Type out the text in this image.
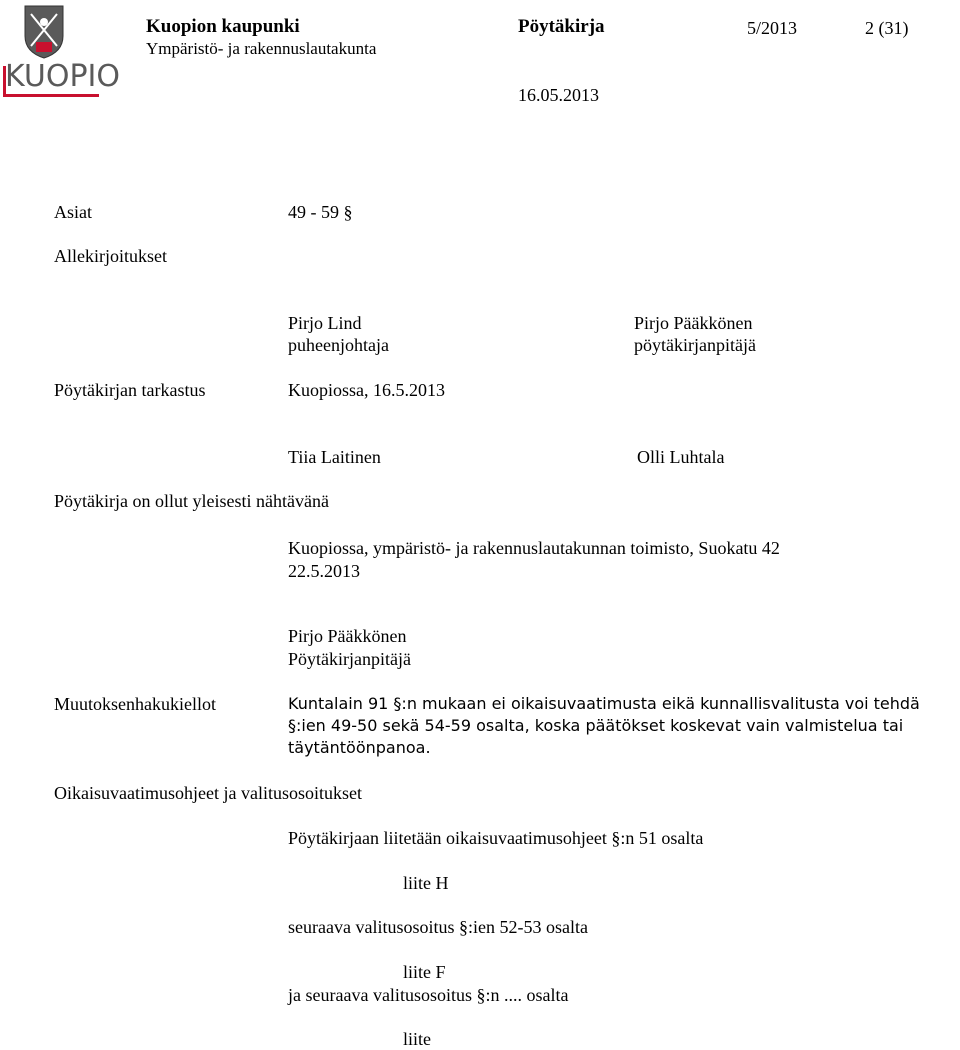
KUOPIO
Kuopion kaupunki
Ympäristö- ja rakennuslautakunta
Pöytäkirja	5/2013	2 (31)
16.05.2013
Asiat	49 - 59 §
Allekirjoitukset
Pirjo Lind
puheenjohtaja
Pirjo Pääkkönen
pöytäkirjanpitäjä
Pöytäkirjan tarkastus	Kuopiossa, 16.5.2013
Tiia Laitinen	Olli Luhtala
Pöytäkirja on ollut yleisesti nähtävänä
Kuopiossa, ympäristö- ja rakennuslautakunnan toimisto, Suokatu 42
22.5.2013
Pirjo Pääkkönen
Pöytäkirjanpitäjä
Muutoksenhakukiellot	Kuntalain 91 §:n mukaan ei oikaisuvaatimusta eikä kunnallisvalitusta voi tehdä §:ien 49-50 sekä 54-59 osalta, koska päätökset koskevat vain valmistelua tai täytäntöönpanoa.
Oikaisuvaatimusohjeet ja valitusosoitukset
Pöytäkirjaan liitetään oikaisuvaatimusohjeet §:n 51 osalta
liite H
seuraava valitusosoitus §:ien 52-53 osalta
liite F
ja seuraava valitusosoitus §:n .... osalta
liite
